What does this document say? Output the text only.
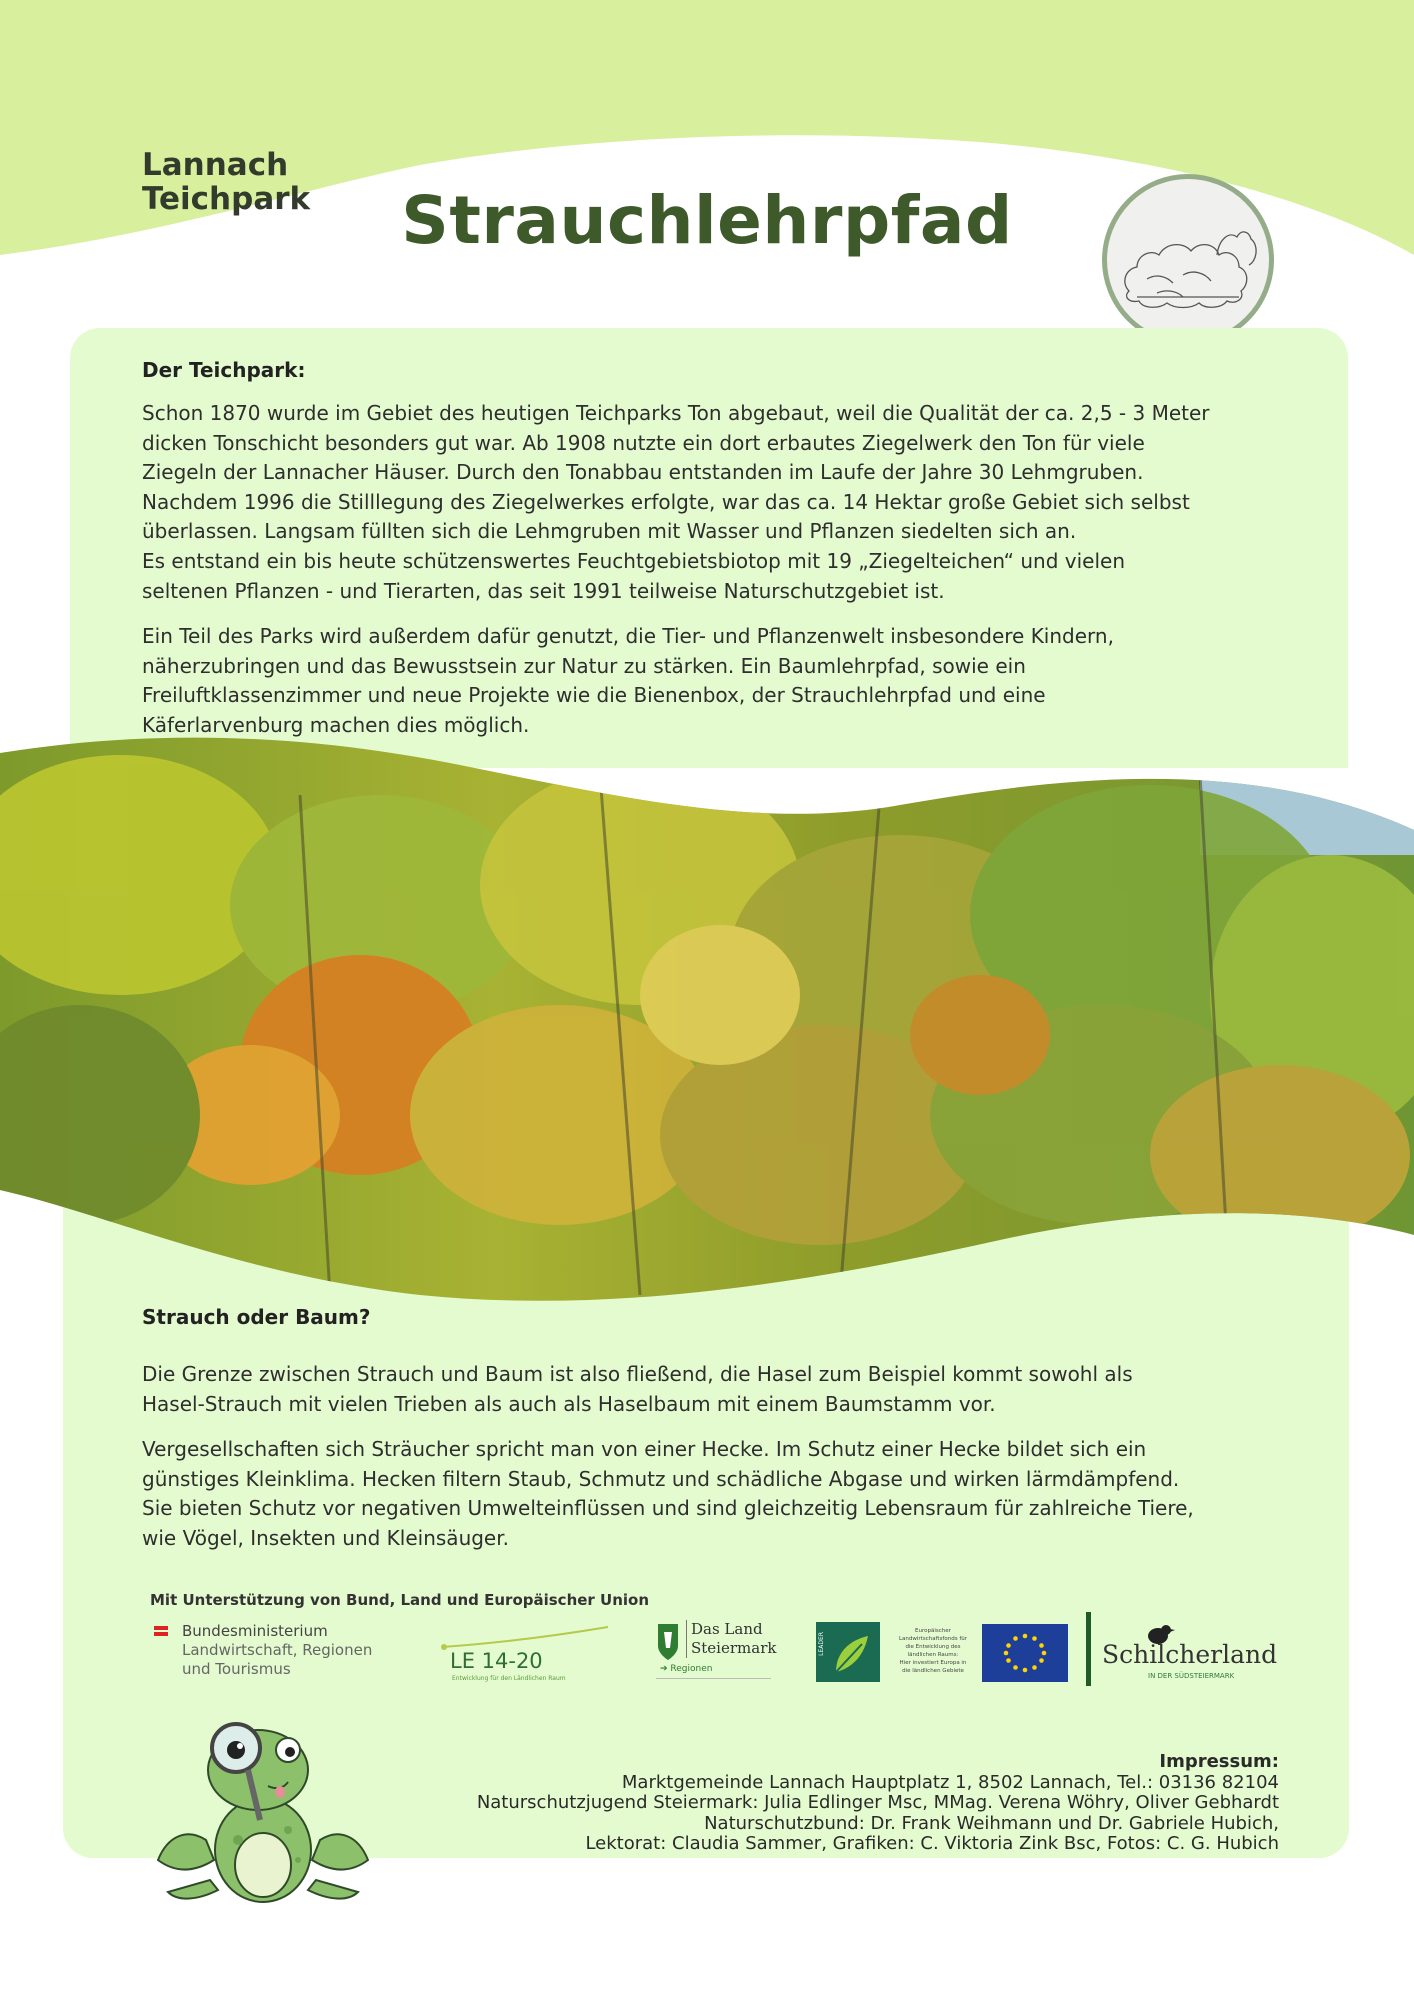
Lannach
Teichpark	Strauchlehrpfad
Der Teichpark:
Schon 1870 wurde im Gebiet des heutigen Teichparks Ton abgebaut, weil die Qualität der ca. 2,5 - 3 Meter
dicken Tonschicht besonders gut war. Ab 1908 nutzte ein dort erbautes Ziegelwerk den Ton für viele
Ziegeln der Lannacher Häuser. Durch den Tonabbau entstanden im Laufe der Jahre 30 Lehmgruben.
Nachdem 1996 die Stilllegung des Ziegelwerkes erfolgte, war das ca. 14 Hektar große Gebiet sich selbst
überlassen. Langsam füllten sich die Lehmgruben mit Wasser und Pflanzen siedelten sich an.
Es entstand ein bis heute schützenswertes Feuchtgebietsbiotop mit 19 „Ziegelteichen“ und vielen
seltenen Pflanzen - und Tierarten, das seit 1991 teilweise Naturschutzgebiet ist.
Ein Teil des Parks wird außerdem dafür genutzt, die Tier- und Pflanzenwelt insbesondere Kindern,
näherzubringen und das Bewusstsein zur Natur zu stärken. Ein Baumlehrpfad, sowie ein
Freiluftklassenzimmer und neue Projekte wie die Bienenbox, der Strauchlehrpfad und eine
Käferlarvenburg machen dies möglich.
Strauch oder Baum?
Die Grenze zwischen Strauch und Baum ist also fließend, die Hasel zum Beispiel kommt sowohl als
Hasel-Strauch mit vielen Trieben als auch als Haselbaum mit einem Baumstamm vor.
Vergesellschaften sich Sträucher spricht man von einer Hecke. Im Schutz einer Hecke bildet sich ein
günstiges Kleinklima. Hecken filtern Staub, Schmutz und schädliche Abgase und wirken lärmdämpfend.
Sie bieten Schutz vor negativen Umwelteinflüssen und sind gleichzeitig Lebensraum für zahlreiche Tiere,
wie Vögel, Insekten und Kleinsäuger.
Mit Unterstützung von Bund, Land und Europäischer Union
Bundesministerium
Landwirtschaft, Regionen
und Tourismus	LE 14-20
Entwicklung für den Ländlichen Raum
Das Land
Steiermark
➔ Regionen
LEADER
Europäischer
Landwirtschaftsfonds für
die Entwicklung des
ländlichen Raums:
Hier investiert Europa in
die ländlichen Gebiete
Schilcherland
IN DER SÜDSTEIERMARK
Impressum:
Marktgemeinde Lannach Hauptplatz 1, 8502 Lannach, Tel.: 03136 82104
Naturschutzjugend Steiermark: Julia Edlinger Msc, MMag. Verena Wöhry, Oliver Gebhardt
Naturschutzbund: Dr. Frank Weihmann und Dr. Gabriele Hubich,
Lektorat: Claudia Sammer, Grafiken: C. Viktoria Zink Bsc, Fotos: C. G. Hubich
